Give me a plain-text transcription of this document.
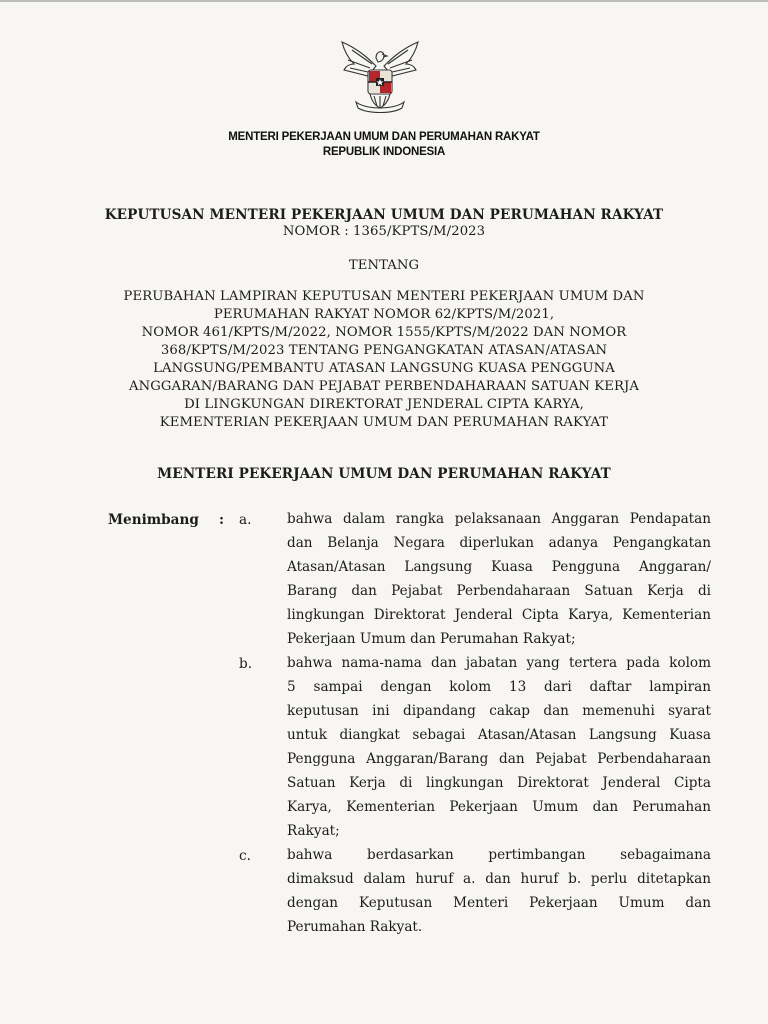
MENTERI PEKERJAAN UMUM DAN PERUMAHAN RAKYAT
REPUBLIK INDONESIA
KEPUTUSAN MENTERI PEKERJAAN UMUM DAN PERUMAHAN RAKYAT
NOMOR : 1365/KPTS/M/2023
TENTANG
PERUBAHAN LAMPIRAN KEPUTUSAN MENTERI PEKERJAAN UMUM DAN
PERUMAHAN RAKYAT NOMOR 62/KPTS/M/2021,
NOMOR 461/KPTS/M/2022, NOMOR 1555/KPTS/M/2022 DAN NOMOR
368/KPTS/M/2023 TENTANG PENGANGKATAN ATASAN/ATASAN
LANGSUNG/PEMBANTU ATASAN LANGSUNG KUASA PENGGUNA
ANGGARAN/BARANG DAN PEJABAT PERBENDAHARAAN SATUAN KERJA
DI LINGKUNGAN DIREKTORAT JENDERAL CIPTA KARYA,
KEMENTERIAN PEKERJAAN UMUM DAN PERUMAHAN RAKYAT
MENTERI PEKERJAAN UMUM DAN PERUMAHAN RAKYAT
Menimbang : a.	bahwa dalam rangka pelaksanaan Anggaran Pendapatan
dan Belanja Negara diperlukan adanya Pengangkatan
Atasan/Atasan Langsung Kuasa Pengguna Anggaran/
Barang dan Pejabat Perbendaharaan Satuan Kerja di
lingkungan Direktorat Jenderal Cipta Karya, Kementerian
Pekerjaan Umum dan Perumahan Rakyat;
b.	bahwa nama-nama dan jabatan yang tertera pada kolom
5 sampai dengan kolom 13 dari daftar lampiran
keputusan ini dipandang cakap dan memenuhi syarat
untuk diangkat sebagai Atasan/Atasan Langsung Kuasa
Pengguna Anggaran/Barang dan Pejabat Perbendaharaan
Satuan Kerja di lingkungan Direktorat Jenderal Cipta
Karya, Kementerian Pekerjaan Umum dan Perumahan
Rakyat;
c.	bahwa berdasarkan pertimbangan sebagaimana
dimaksud dalam huruf a. dan huruf b. perlu ditetapkan
dengan Keputusan Menteri Pekerjaan Umum dan
Perumahan Rakyat.
